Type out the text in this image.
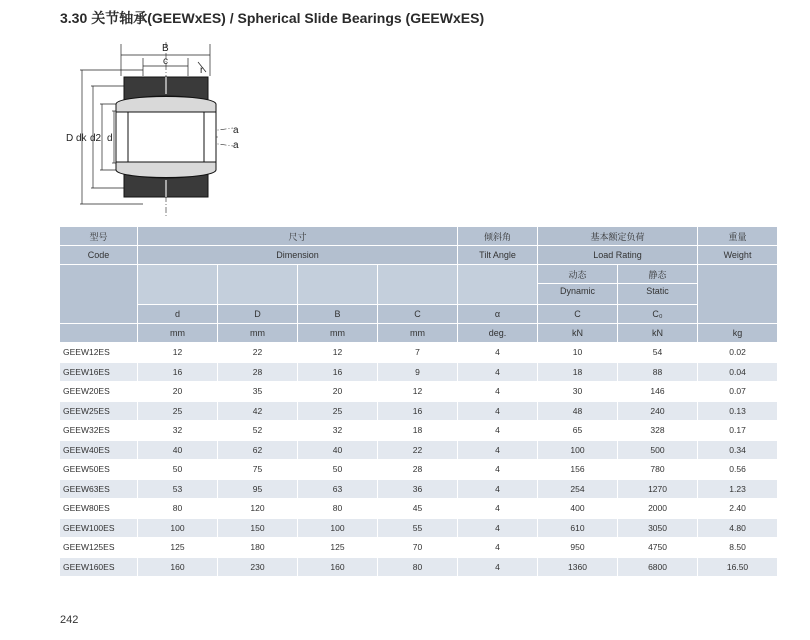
3.30 关节轴承(GEEWxES) / Spherical Slide Bearings (GEEWxES)
B
c
r
D dk d2 d
a
a
型号	尺寸				倾斜角	基本额定负荷		重量
Code	Dimension				Tilt Angle	Load Rating		Weight
						动态	静态	
						Dynamic	Static	
	d	D	B	C	α	C	C₀	
	mm	mm	mm	mm	deg.	kN	kN	kg
GEEW12ES	12	22	12	7	4	10	54	0.02
GEEW16ES	16	28	16	9	4	18	88	0.04
GEEW20ES	20	35	20	12	4	30	146	0.07
GEEW25ES	25	42	25	16	4	48	240	0.13
GEEW32ES	32	52	32	18	4	65	328	0.17
GEEW40ES	40	62	40	22	4	100	500	0.34
GEEW50ES	50	75	50	28	4	156	780	0.56
GEEW63ES	53	95	63	36	4	254	1270	1.23
GEEW80ES	80	120	80	45	4	400	2000	2.40
GEEW100ES	100	150	100	55	4	610	3050	4.80
GEEW125ES	125	180	125	70	4	950	4750	8.50
GEEW160ES	160	230	160	80	4	1360	6800	16.50
242
